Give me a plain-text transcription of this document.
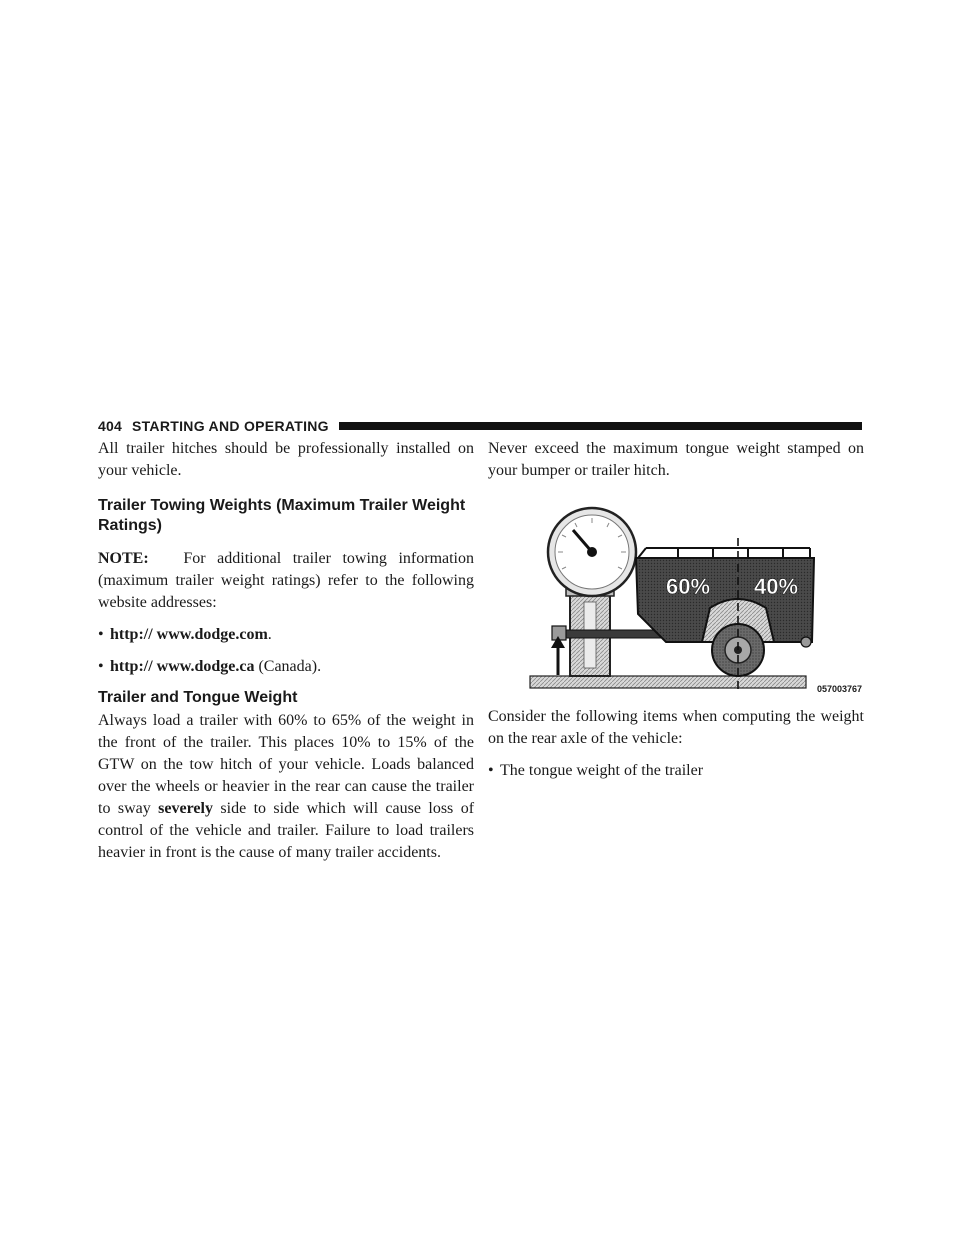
404 STARTING AND OPERATING

All trailer hitches should be professionally installed on your vehicle.

Trailer Towing Weights (Maximum Trailer Weight Ratings)

NOTE: For additional trailer towing information (maximum trailer weight ratings) refer to the following website addresses:

• http:// www.dodge.com.
• http:// www.dodge.ca (Canada).
Trailer and Tongue Weight

Always load a trailer with 60% to 65% of the weight in the front of the trailer. This places 10% to 15% of the GTW on the tow hitch of your vehicle. Loads balanced over the wheels or heavier in the rear can cause the trailer to sway severely side to side which will cause loss of control of the vehicle and trailer. Failure to load trailers heavier in front is the cause of many trailer accidents.

Never exceed the maximum tongue weight stamped on your bumper or trailer hitch.

60% 40%
057003767

Consider the following items when computing the weight on the rear axle of the vehicle:

• The tongue weight of the trailer
